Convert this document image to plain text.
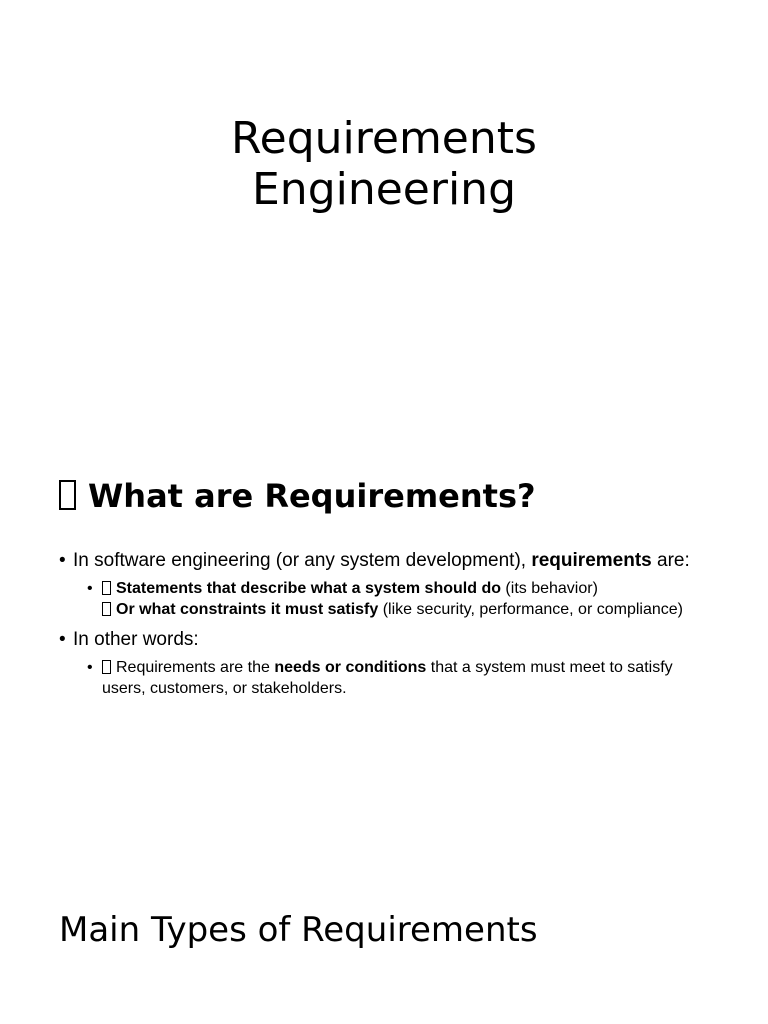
Requirements
Engineering
What are Requirements?
• In software engineering (or any system development), requirements are:
•	Statements that describe what a system should do (its behavior)
Or what constraints it must satisfy (like security, performance, or compliance)
• In other words:
• Requirements are the needs or conditions that a system must meet to satisfy users, customers, or stakeholders.
Main Types of Requirements
